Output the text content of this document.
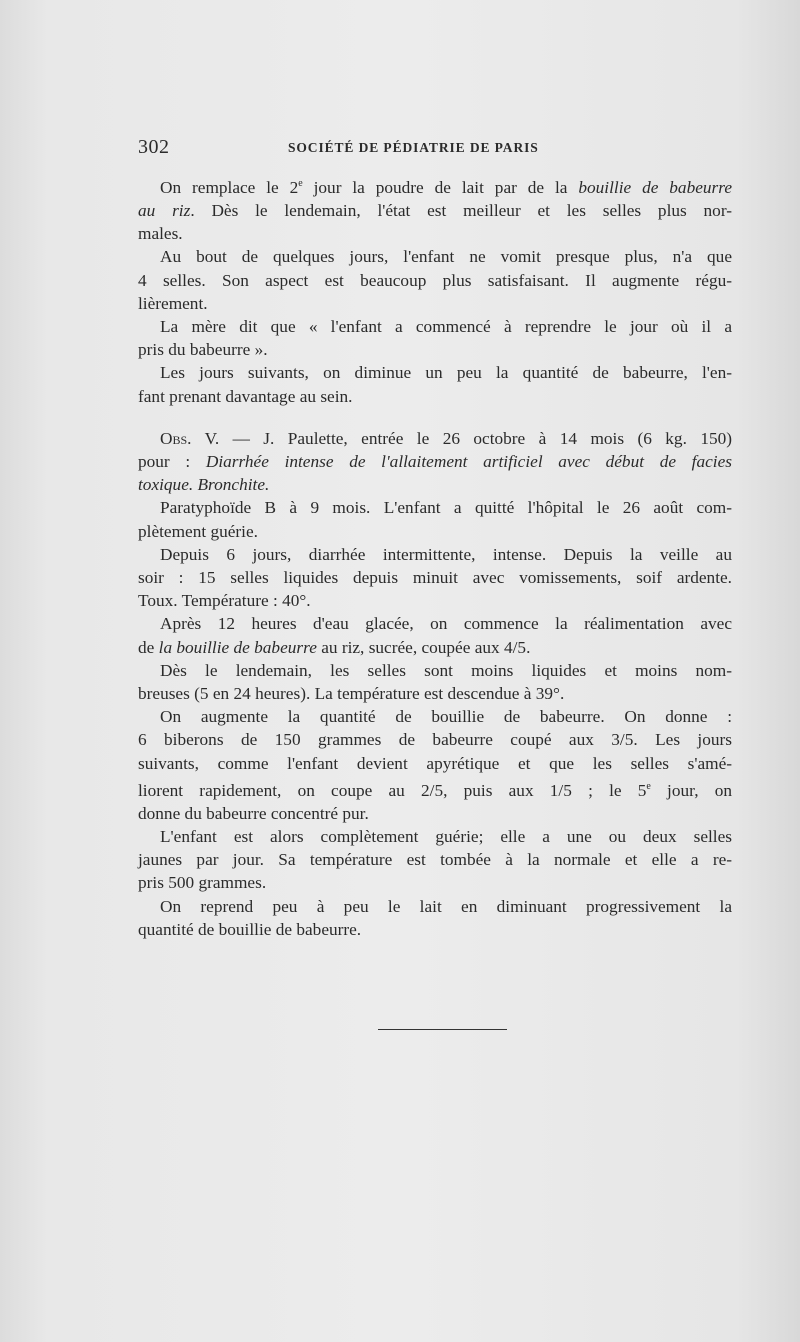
302	SOCIÉTÉ DE PÉDIATRIE DE PARIS
On remplace le 2e jour la poudre de lait par de la bouillie de babeurre
au riz. Dès le lendemain, l'état est meilleur et les selles plus nor-
males.
Au bout de quelques jours, l'enfant ne vomit presque plus, n'a que
4 selles. Son aspect est beaucoup plus satisfaisant. Il augmente régu-
lièrement.
La mère dit que « l'enfant a commencé à reprendre le jour où il a
pris du babeurre ».
Les jours suivants, on diminue un peu la quantité de babeurre, l'en-
fant prenant davantage au sein.
Obs. V. — J. Paulette, entrée le 26 octobre à 14 mois (6 kg. 150)
pour : Diarrhée intense de l'allaitement artificiel avec début de facies
toxique. Bronchite.
Paratyphoïde B à 9 mois. L'enfant a quitté l'hôpital le 26 août com-
plètement guérie.
Depuis 6 jours, diarrhée intermittente, intense. Depuis la veille au
soir : 15 selles liquides depuis minuit avec vomissements, soif ardente.
Toux. Température : 40°.
Après 12 heures d'eau glacée, on commence la réalimentation avec
de la bouillie de babeurre au riz, sucrée, coupée aux 4/5.
Dès le lendemain, les selles sont moins liquides et moins nom-
breuses (5 en 24 heures). La température est descendue à 39°.
On augmente la quantité de bouillie de babeurre. On donne :
6 biberons de 150 grammes de babeurre coupé aux 3/5. Les jours
suivants, comme l'enfant devient apyrétique et que les selles s'amé-
liorent rapidement, on coupe au 2/5, puis aux 1/5 ; le 5e jour, on
donne du babeurre concentré pur.
L'enfant est alors complètement guérie; elle a une ou deux selles
jaunes par jour. Sa température est tombée à la normale et elle a re-
pris 500 grammes.
On reprend peu à peu le lait en diminuant progressivement la
quantité de bouillie de babeurre.
